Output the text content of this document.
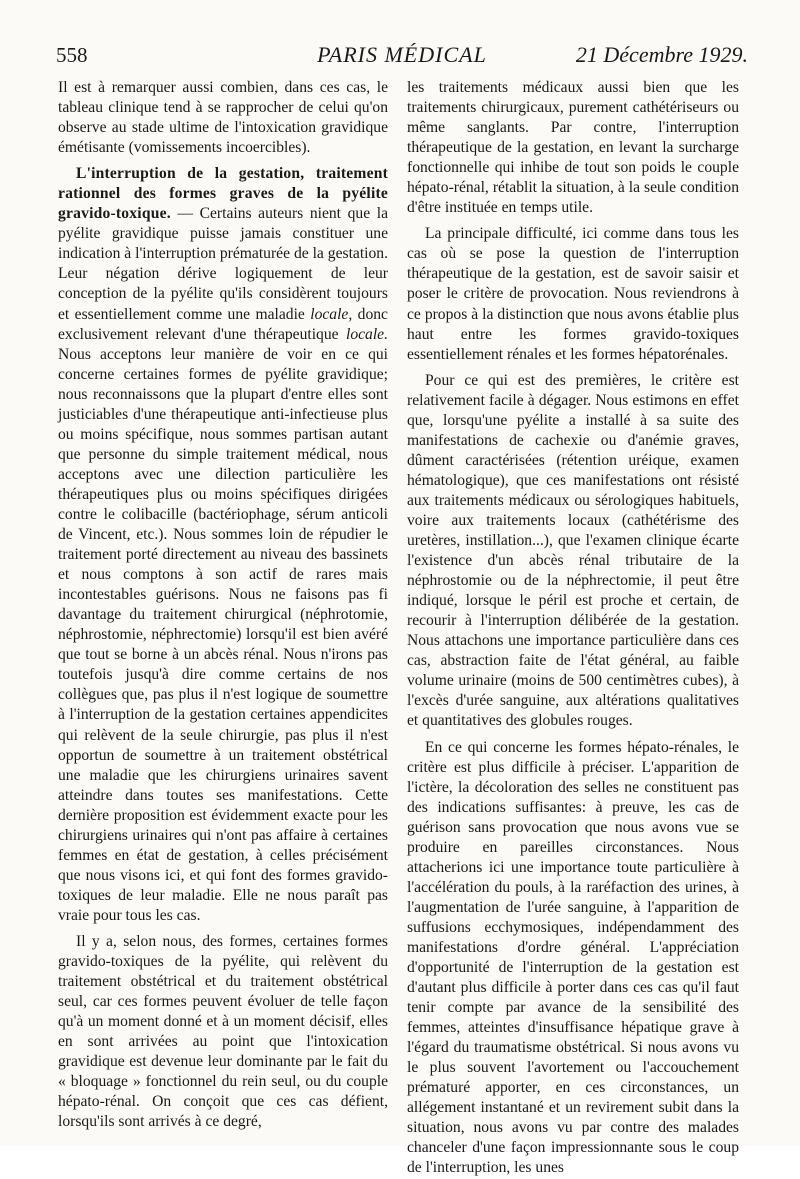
558	PARIS MÉDICAL	21 Décembre 1929.

Il est à remarquer aussi combien, dans ces cas, le tableau clinique tend à se rapprocher de celui qu'on observe au stade ultime de l'intoxication gravidique émétisante (vomissements incoercibles).

L'interruption de la gestation, traitement rationnel des formes graves de la pyélite gravido-toxique. — Certains auteurs nient que la pyélite gravidique puisse jamais constituer une indication à l'interruption prématurée de la gestation. Leur négation dérive logiquement de leur conception de la pyélite qu'ils considèrent toujours et essentiellement comme une maladie locale, donc exclusivement relevant d'une thérapeutique locale. Nous acceptons leur manière de voir en ce qui concerne certaines formes de pyélite gravidique; nous reconnaissons que la plupart d'entre elles sont justiciables d'une thérapeutique anti-infectieuse plus ou moins spécifique, nous sommes partisan autant que personne du simple traitement médical, nous acceptons avec une dilection particulière les thérapeutiques plus ou moins spécifiques dirigées contre le colibacille (bactériophage, sérum anticoli de Vincent, etc.). Nous sommes loin de répudier le traitement porté directement au niveau des bassinets et nous comptons à son actif de rares mais incontestables guérisons. Nous ne faisons pas fi davantage du traitement chirurgical (néphrotomie, néphrostomie, néphrectomie) lorsqu'il est bien avéré que tout se borne à un abcès rénal. Nous n'irons pas toutefois jusqu'à dire comme certains de nos collègues que, pas plus il n'est logique de soumettre à l'interruption de la gestation certaines appendicites qui relèvent de la seule chirurgie, pas plus il n'est opportun de soumettre à un traitement obstétrical une maladie que les chirurgiens urinaires savent atteindre dans toutes ses manifestations. Cette dernière proposition est évidemment exacte pour les chirurgiens urinaires qui n'ont pas affaire à certaines femmes en état de gestation, à celles précisément que nous visons ici, et qui font des formes gravido-toxiques de leur maladie. Elle ne nous paraît pas vraie pour tous les cas.

Il y a, selon nous, des formes, certaines formes gravido-toxiques de la pyélite, qui relèvent du traitement obstétrical et du traitement obstétrical seul, car ces formes peuvent évoluer de telle façon qu'à un moment donné et à un moment décisif, elles en sont arrivées au point que l'intoxication gravidique est devenue leur dominante par le fait du « bloquage » fonctionnel du rein seul, ou du couple hépato-rénal. On conçoit que ces cas défient, lorsqu'ils sont arrivés à ce degré,

les traitements médicaux aussi bien que les traitements chirurgicaux, purement cathétériseurs ou même sanglants. Par contre, l'interruption thérapeutique de la gestation, en levant la surcharge fonctionnelle qui inhibe de tout son poids le couple hépato-rénal, rétablit la situation, à la seule condition d'être instituée en temps utile.

La principale difficulté, ici comme dans tous les cas où se pose la question de l'interruption thérapeutique de la gestation, est de savoir saisir et poser le critère de provocation. Nous reviendrons à ce propos à la distinction que nous avons établie plus haut entre les formes gravido-toxiques essentiellement rénales et les formes hépatorénales.

Pour ce qui est des premières, le critère est relativement facile à dégager. Nous estimons en effet que, lorsqu'une pyélite a installé à sa suite des manifestations de cachexie ou d'anémie graves, dûment caractérisées (rétention uréique, examen hématologique), que ces manifestations ont résisté aux traitements médicaux ou sérologiques habituels, voire aux traitements locaux (cathétérisme des uretères, instillation...), que l'examen clinique écarte l'existence d'un abcès rénal tributaire de la néphrostomie ou de la néphrectomie, il peut être indiqué, lorsque le péril est proche et certain, de recourir à l'interruption délibérée de la gestation. Nous attachons une importance particulière dans ces cas, abstraction faite de l'état général, au faible volume urinaire (moins de 500 centimètres cubes), à l'excès d'urée sanguine, aux altérations qualitatives et quantitatives des globules rouges.

En ce qui concerne les formes hépato-rénales, le critère est plus difficile à préciser. L'apparition de l'ictère, la décoloration des selles ne constituent pas des indications suffisantes: à preuve, les cas de guérison sans provocation que nous avons vue se produire en pareilles circonstances. Nous attacherions ici une importance toute particulière à l'accélération du pouls, à la raréfaction des urines, à l'augmentation de l'urée sanguine, à l'apparition de suffusions ecchymosiques, indépendamment des manifestations d'ordre général. L'appréciation d'opportunité de l'interruption de la gestation est d'autant plus difficile à porter dans ces cas qu'il faut tenir compte par avance de la sensibilité des femmes, atteintes d'insuffisance hépatique grave à l'égard du traumatisme obstétrical. Si nous avons vu le plus souvent l'avortement ou l'accouchement prématuré apporter, en ces circonstances, un allégement instantané et un revirement subit dans la situation, nous avons vu par contre des malades chanceler d'une façon impressionnante sous le coup de l'interruption, les unes
